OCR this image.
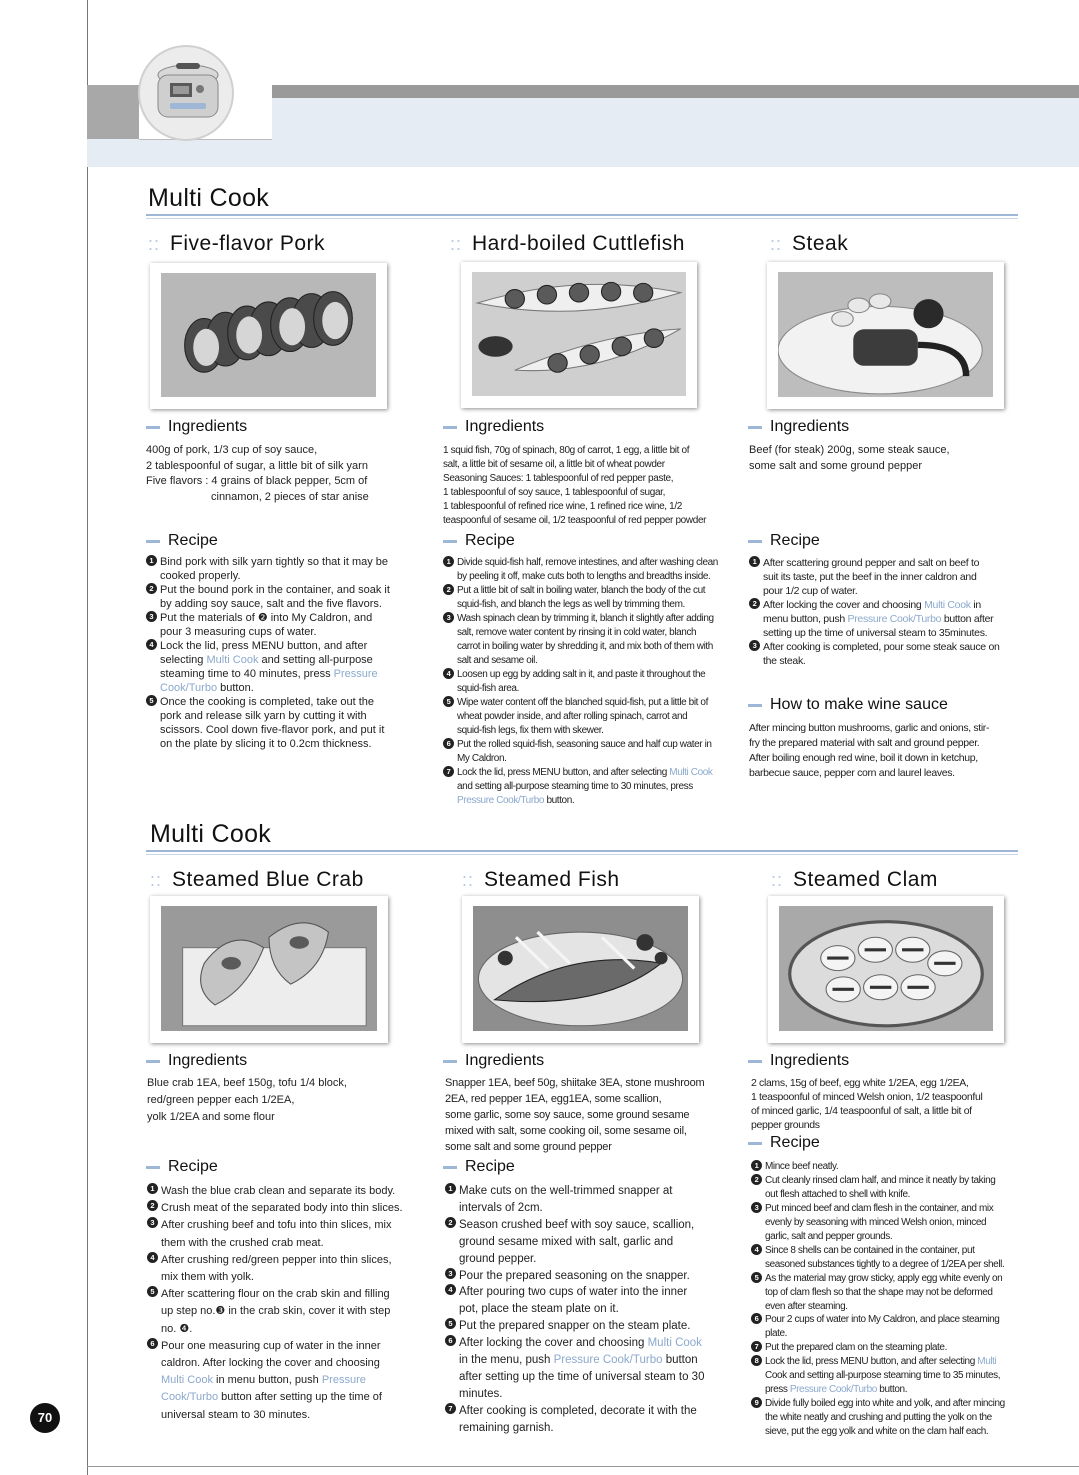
Multi Cook
:: Five-flavor Pork
Ingredients
400g of pork, 1/3 cup of soy sauce,
2 tablespoonful of sugar, a little bit of silk yarn
Five flavors : 4 grains of black pepper, 5cm of
cinnamon, 2 pieces of star anise
Recipe
1 Bind pork with silk yarn tightly so that it may be
cooked properly.
2 Put the bound pork in the container, and soak it
by adding soy sauce, salt and the five flavors.
3 Put the materials of ❷ into My Caldron, and
pour 3 measuring cups of water.
4 Lock the lid, press MENU button, and after
selecting Multi Cook and setting all-purpose
steaming time to 40 minutes, press Pressure
Cook/Turbo button.
5 Once the cooking is completed, take out the
pork and release silk yarn by cutting it with
scissors. Cool down five-flavor pork, and put it
on the plate by slicing it to 0.2cm thickness.
:: Hard-boiled Cuttlefish
Ingredients
1 squid fish, 70g of spinach, 80g of carrot, 1 egg, a little bit of
salt, a little bit of sesame oil, a little bit of wheat powder
Seasoning Sauces: 1 tablespoonful of red pepper paste,
1 tablespoonful of soy sauce, 1 tablespoonful of sugar,
1 tablespoonful of refined rice wine, 1 refined rice wine, 1/2
teaspoonful of sesame oil, 1/2 teaspoonful of red pepper powder
Recipe
1 Divide squid-fish half, remove intestines, and after washing clean
by peeling it off, make cuts both to lengths and breadths inside.
2 Put a little bit of salt in boiling water, blanch the body of the cut
squid-fish, and blanch the legs as well by trimming them.
3 Wash spinach clean by trimming it, blanch it slightly after adding
salt, remove water content by rinsing it in cold water, blanch
carrot in boiling water by shredding it, and mix both of them with
salt and sesame oil.
4 Loosen up egg by adding salt in it, and paste it throughout the
squid-fish area.
5 Wipe water content off the blanched squid-fish, put a little bit of
wheat powder inside, and after rolling spinach, carrot and
squid-fish legs, fix them with skewer.
6 Put the rolled squid-fish, seasoning sauce and half cup water in
My Caldron.
7 Lock the lid, press MENU button, and after selecting Multi Cook
and setting all-purpose steaming time to 30 minutes, press
Pressure Cook/Turbo button.
:: Steak
Ingredients
Beef (for steak) 200g, some steak sauce,
some salt and some ground pepper
Recipe
1 After scattering ground pepper and salt on beef to
suit its taste, put the beef in the inner caldron and
pour 1/2 cup of water.
2 After locking the cover and choosing Multi Cook in
menu button, push Pressure Cook/Turbo button after
setting up the time of universal steam to 35minutes.
3 After cooking is completed, pour some steak sauce on
the steak.
How to make wine sauce
After mincing button mushrooms, garlic and onions, stir-
fry the prepared material with salt and ground pepper.
After boiling enough red wine, boil it down in ketchup,
barbecue sauce, pepper corn and laurel leaves.
Multi Cook
:: Steamed Blue Crab
Ingredients
Blue crab 1EA, beef 150g, tofu 1/4 block,
red/green pepper each 1/2EA,
yolk 1/2EA and some flour
Recipe
1 Wash the blue crab clean and separate its body.
2 Crush meat of the separated body into thin slices.
3 After crushing beef and tofu into thin slices, mix
them with the crushed crab meat.
4 After crushing red/green pepper into thin slices,
mix them with yolk.
5 After scattering flour on the crab skin and filling
up step no.❸ in the crab skin, cover it with step
no. ❹.
6 Pour one measuring cup of water in the inner
caldron. After locking the cover and choosing
Multi Cook in menu button, push Pressure
Cook/Turbo button after setting up the time of
universal steam to 30 minutes.
:: Steamed Fish
Ingredients
Snapper 1EA, beef 50g, shiitake 3EA, stone mushroom
2EA, red pepper 1EA, egg1EA, some scallion,
some garlic, some soy sauce, some ground sesame
mixed with salt, some cooking oil, some sesame oil,
some salt and some ground pepper
Recipe
1 Make cuts on the well-trimmed snapper at
intervals of 2cm.
2 Season crushed beef with soy sauce, scallion,
ground sesame mixed with salt, garlic and
ground pepper.
3 Pour the prepared seasoning on the snapper.
4 After pouring two cups of water into the inner
pot, place the steam plate on it.
5 Put the prepared snapper on the steam plate.
6 After locking the cover and choosing Multi Cook
in the menu, push Pressure Cook/Turbo button
after setting up the time of universal steam to 30
minutes.
7 After cooking is completed, decorate it with the
remaining garnish.
:: Steamed Clam
Ingredients
2 clams, 15g of beef, egg white 1/2EA, egg 1/2EA,
1 teaspoonful of minced Welsh onion, 1/2 teaspoonful
of minced garlic, 1/4 teaspoonful of salt, a little bit of
pepper grounds
Recipe
1 Mince beef neatly.
2 Cut cleanly rinsed clam half, and mince it neatly by taking
out flesh attached to shell with knife.
3 Put minced beef and clam flesh in the container, and mix
evenly by seasoning with minced Welsh onion, minced
garlic, salt and pepper grounds.
4 Since 8 shells can be contained in the container, put
seasoned substances tightly to a degree of 1/2EA per shell.
5 As the material may grow sticky, apply egg white evenly on
top of clam flesh so that the shape may not be deformed
even after steaming.
6 Pour 2 cups of water into My Caldron, and place steaming
plate.
7 Put the prepared clam on the steaming plate.
8 Lock the lid, press MENU button, and after selecting Multi
Cook and setting all-purpose steaming time to 35 minutes,
press Pressure Cook/Turbo button.
9 Divide fully boiled egg into white and yolk, and after mincing
the white neatly and crushing and putting the yolk on the
sieve, put the egg yolk and white on the clam half each.
70
